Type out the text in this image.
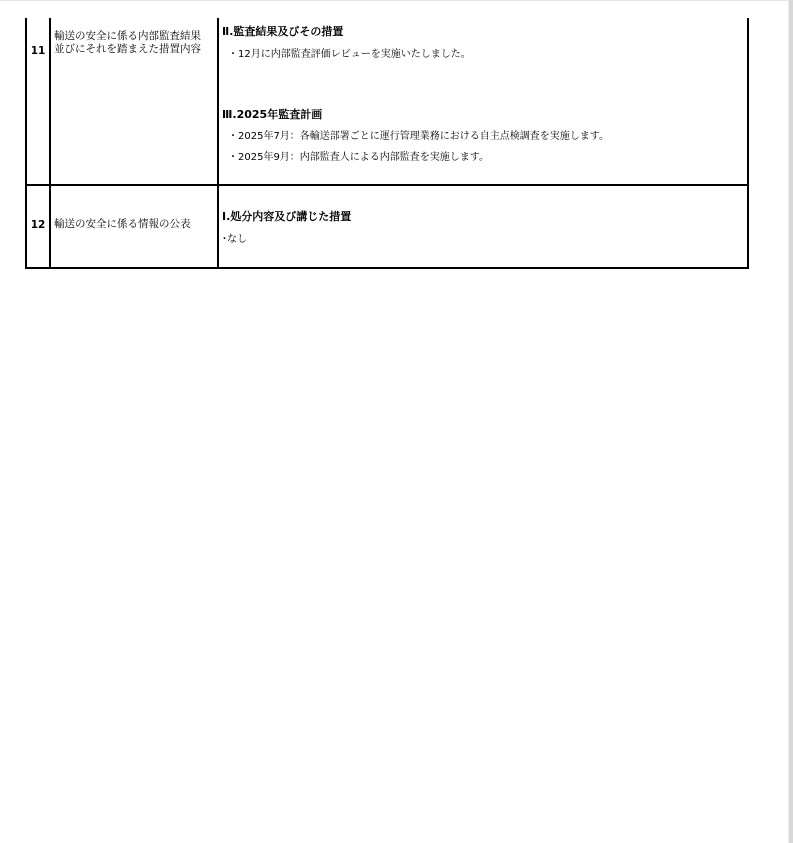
11	輸送の安全に係る内部監査結果　 並びにそれを踏まえた措置内容	Ⅱ.監査結果及びその措置
・12月に内部監査評価レビューを実施いたしました。
Ⅲ.2025年監査計画
・2025年7月：各輸送部署ごとに運行管理業務における自主点検調査を実施します。
・2025年9月：内部監査人による内部監査を実施します。

12	輸送の安全に係る情報の公表	Ⅰ.処分内容及び講じた措置
･なし
